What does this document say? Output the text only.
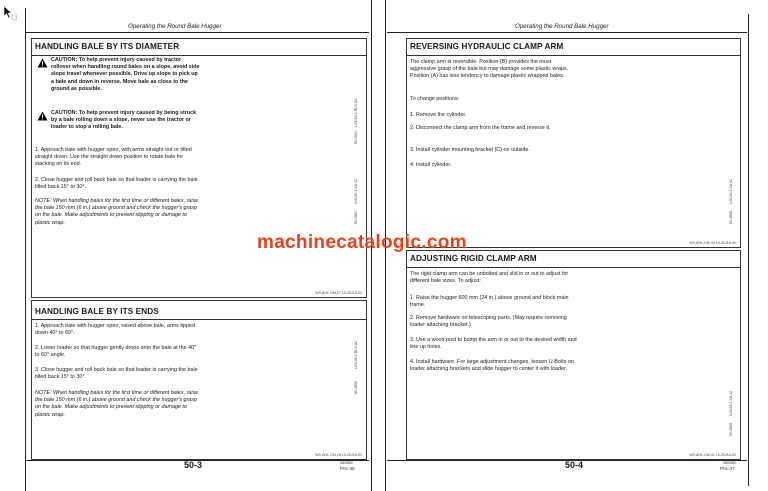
Operating the Round Bale Hugger
HANDLING BALE BY ITS DIAMETER
CAUTION: To help prevent injury caused by tractor rollover when handling round bales on a slope, avoid side slope travel whenever possible. Drive up slope to pick up a bale and down in reverse. Move bale as close to the ground as possible.
CAUTION: To help prevent injury caused by being struck by a bale rolling down a slope, never use the tractor or loader to stop a rolling bale.
1. Approach bale with hugger open, with arms straight out or tilted straight down. Use the straight down position to rotate bale for stacking on its end.
2. Close hugger and roll back bale so that loader is carrying the bale tilted back 15° to 30°.
NOTE: When handling bales for the first time or different bales, raise the bale 150 mm (6 in.) above ground and check the hugger's grasp on the bale. Make adjustments to prevent slipping or damage to plastic wrap.
LV9-00-1 RLS A1
93-2654
LV9-00-1 SA 12
93-2662
WX,AHL,OM,27 19-2DJUL92
HANDLING BALE BY ITS ENDS
1. Approach bale with hugger open, raised above bale, arms tipped down 40° to 60°.
2. Lower loader so that hugger gently drops onto the bale at the 40° to 60° angle.
3. Close hugger and roll back bale so that loader is carrying the bale tilted back 15° to 30°.
NOTE: When handling bales for the first time or different bales, raise the bale 150 mm (6 in.) above ground and check the hugger's grasp on the bale. Make adjustments to prevent slipping or damage to plastic wrap.
LV9-00-1 RLS A2
93-2655
WX,AHL,OM,28 19-2DJUL92
50-3	080589
PN=46
Operating the Round Bale Hugger
REVERSING HYDRAULIC CLAMP ARM
The clamp arm is reversible. Position (B) provides the most aggressive grasp of the bale but may damage some plastic wraps. Position (A) has less tendency to damage plastic wrapped bales.
To change positions:
1. Remove the cylinder.
2. Disconnect the clamp arm from the frame and reverse it.
3. Install cylinder mounting bracket (C) on outside.
4. Install cylinder.
LV9-00-1 SA 62
93-2658
WX,AHL,OM,30 19-2DJUL92
ADJUSTING RIGID CLAMP ARM
The rigid clamp arm can be unbolted and slid in or out to adjust for different bale sizes. To adjust:
1. Raise the hugger 600 mm (24 in.) above ground and block main frame.
2. Remove hardware on telescoping parts. (May require removing loader attaching bracket.)
3. Use a wood post to bump the arm in or out to the desired width and line up holes.
4. Install hardware. For large adjustment changes, loosen U-Bolts on loader attaching brackets and slide hugger to center it with loader.
LV9-00-1 SA 42
93-2659
WX,AHL,OM,31 19-2DJUL92
50-4	080589
PN=47
machinecatalogic.com
